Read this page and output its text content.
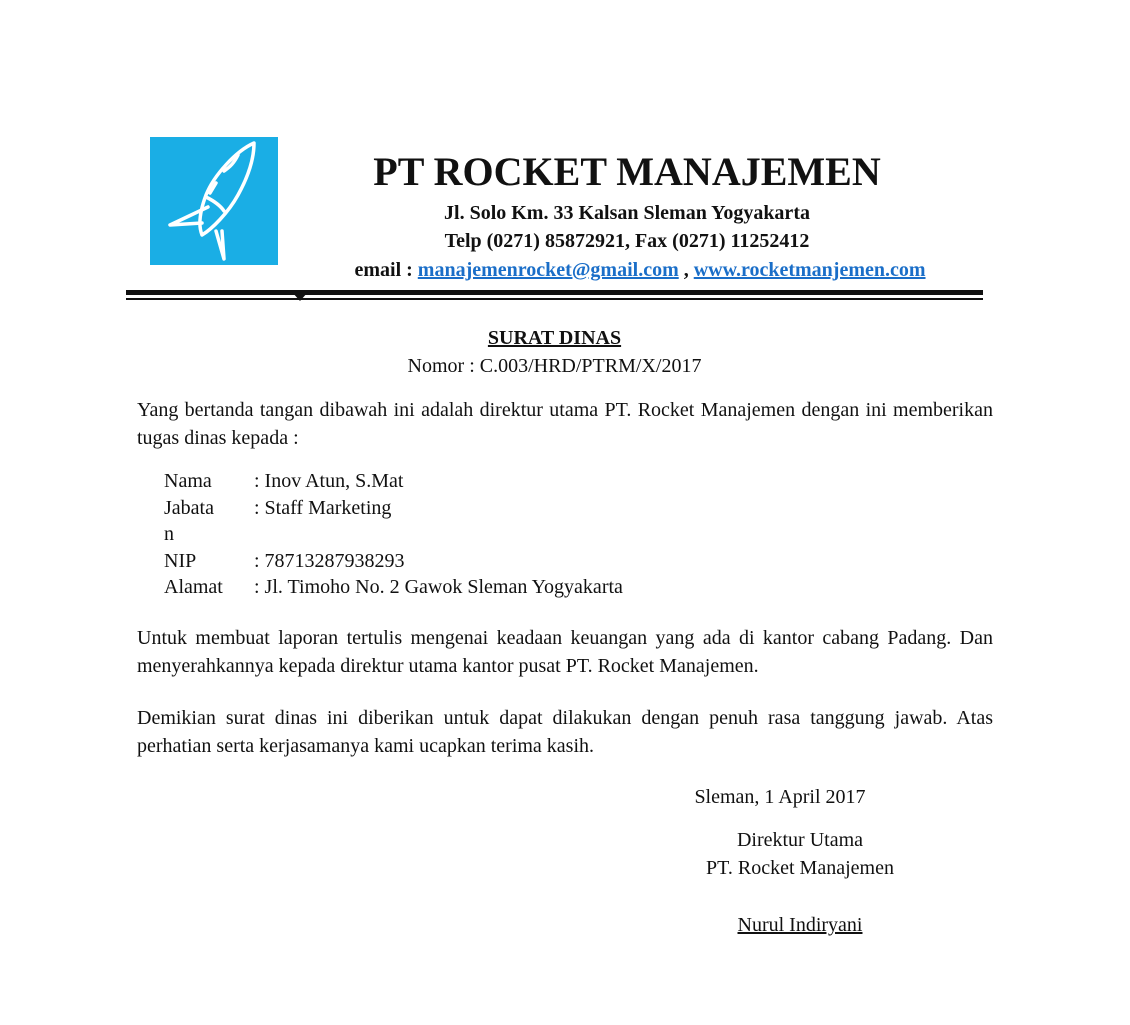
PT ROCKET MANAJEMEN
Jl. Solo Km. 33 Kalsan Sleman Yogyakarta
Telp (0271) 85872921, Fax (0271) 11252412
email : manajemenrocket@gmail.com , www.rocketmanjemen.com
SURAT DINAS
Nomor : C.003/HRD/PTRM/X/2017
Yang bertanda tangan dibawah ini adalah direktur utama PT. Rocket Manajemen dengan ini memberikan tugas dinas kepada :
Nama	: Inov Atun, S.Mat
Jabata	: Staff Marketing
n
NIP	: 78713287938293
Alamat	: Jl. Timoho No. 2 Gawok Sleman Yogyakarta
Untuk membuat laporan tertulis mengenai keadaan keuangan yang ada di kantor cabang Padang. Dan menyerahkannya kepada direktur utama kantor pusat PT. Rocket Manajemen.
Demikian surat dinas ini diberikan untuk dapat dilakukan dengan penuh rasa tanggung jawab. Atas perhatian serta kerjasamanya kami ucapkan terima kasih.
Sleman, 1 April 2017
Direktur Utama
PT. Rocket Manajemen
Nurul Indiryani
